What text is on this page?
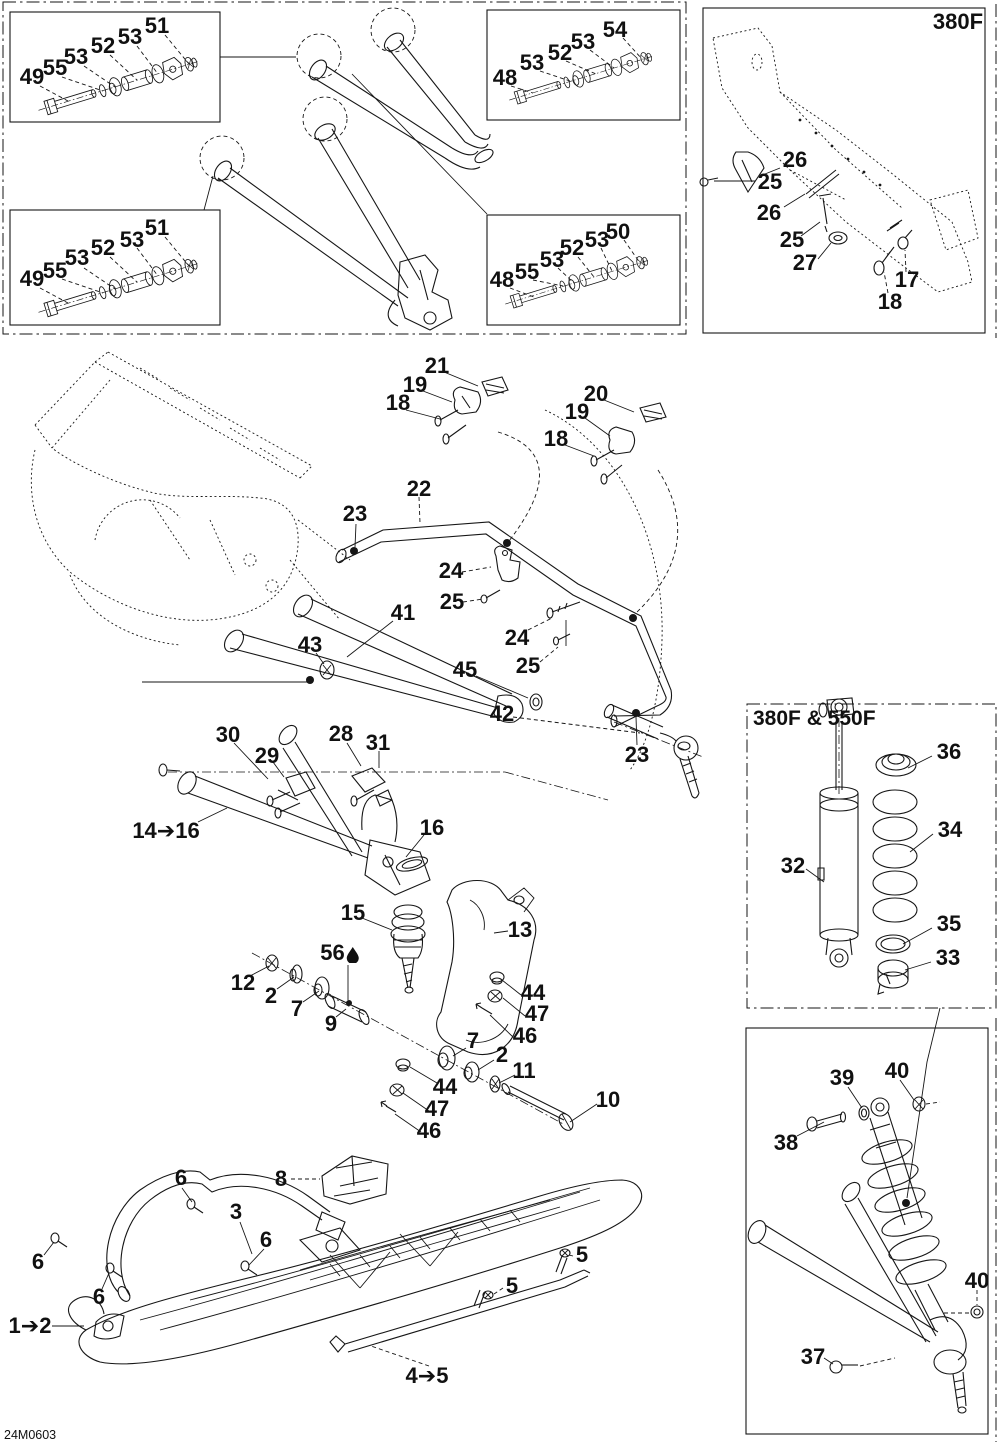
49
55
53 52 53 51
49
55
53 52 53 51
48
53 52
53 54
48 55 53
52 53
50
26
25
26
25
27
17
18
18
19
21
20
19
18
22
23
24
25
24
25
23
41
43
45
42
30
29
28 31
14➔16	16
15
13
56
12
2
7
9
44
47
46
7
2
11
10
44
47
46
36
34
32
35
33
39 40
38
40
37
6	8
3
6
6
6
1➔2
5
5
4➔5
380F
380F & 550F
24M0603
